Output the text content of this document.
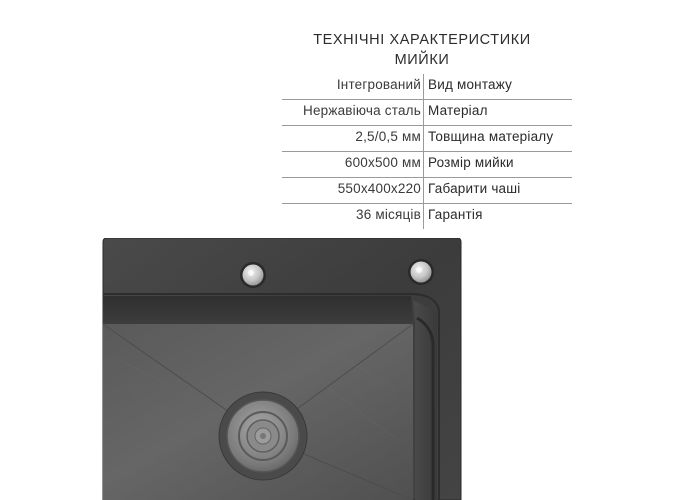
ТЕХНІЧНІ ХАРАКТЕРИСТИКИ
МИЙКИ
Інтегрований Вид монтажу
Нержавіюча сталь Матеріал
2,5/0,5 мм Товщина матеріалу
600х500 мм Розмір мийки
550х400х220 Габарити чаші
36 місяців Гарантія
